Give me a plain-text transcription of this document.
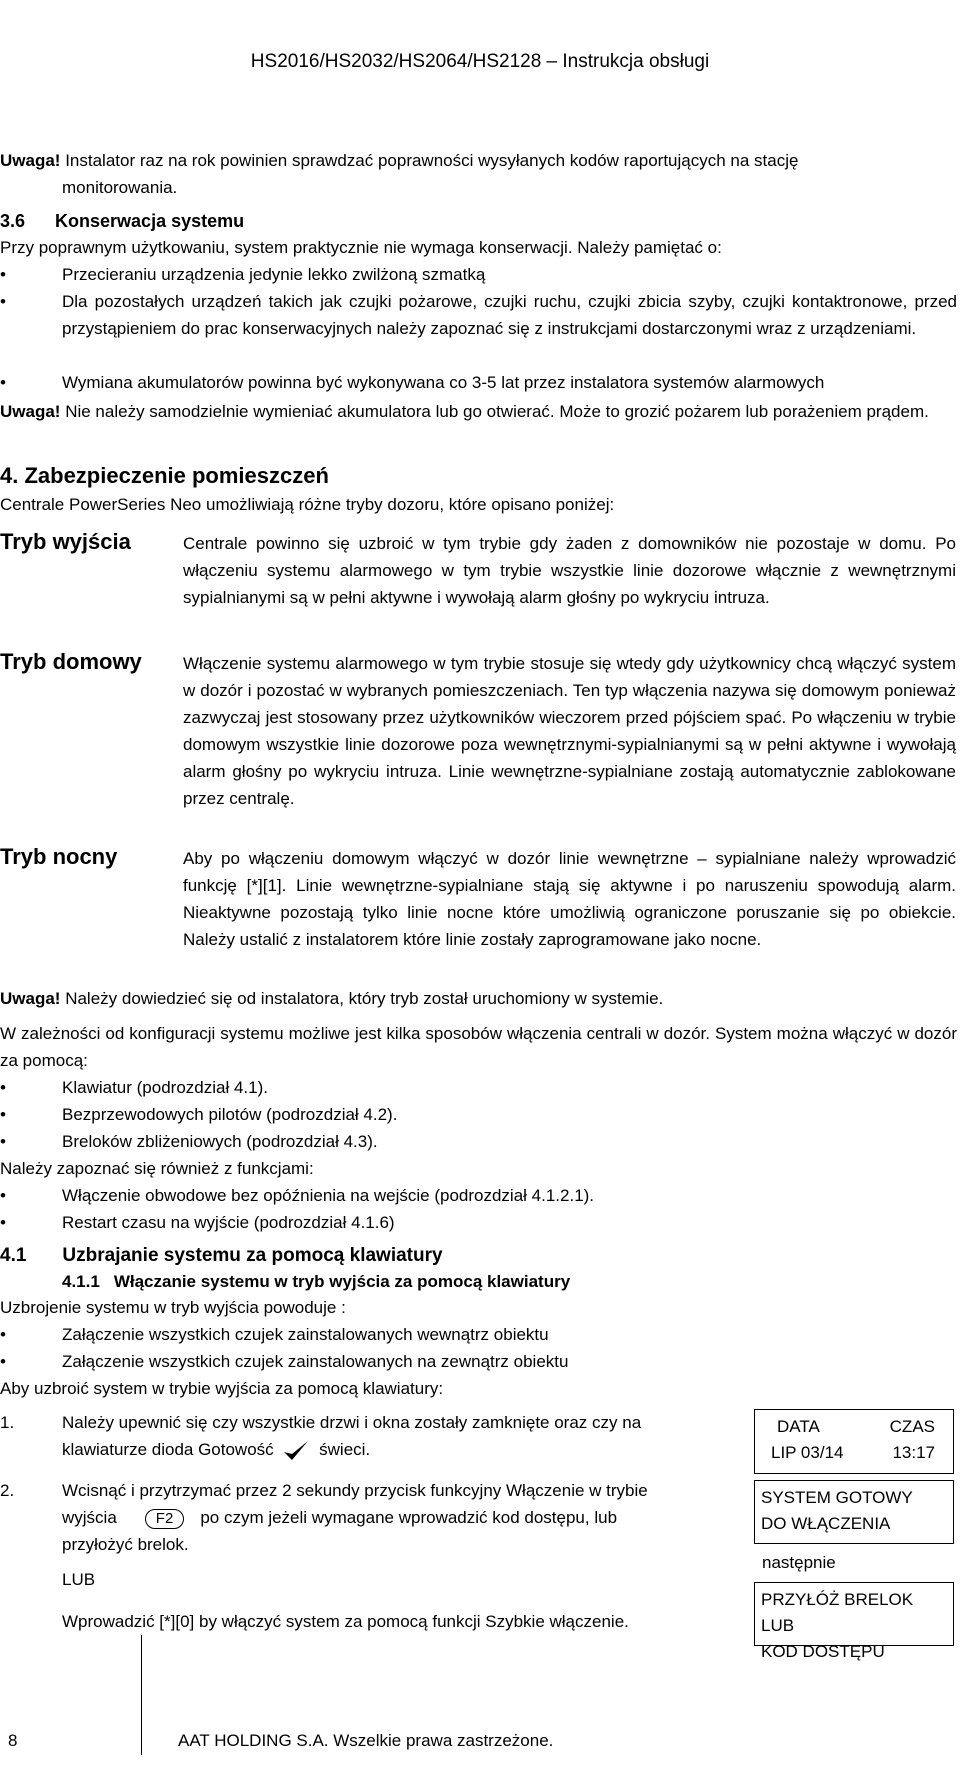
HS2016/HS2032/HS2064/HS2128 – Instrukcja obsługi
Uwaga! Instalator raz na rok powinien sprawdzać poprawności wysyłanych kodów raportujących na stację
monitorowania.
3.6 Konserwacja systemu
Przy poprawnym użytkowaniu, system praktycznie nie wymaga konserwacji. Należy pamiętać o:
•	Przecieraniu urządzenia jedynie lekko zwilżoną szmatką
•	Dla pozostałych urządzeń takich jak czujki pożarowe, czujki ruchu, czujki zbicia szyby, czujki kontaktronowe, przed przystąpieniem do prac konserwacyjnych należy zapoznać się z instrukcjami dostarczonymi wraz z urządzeniami.
•	Wymiana akumulatorów powinna być wykonywana co 3-5 lat przez instalatora systemów alarmowych
Uwaga! Nie należy samodzielnie wymieniać akumulatora lub go otwierać. Może to grozić pożarem lub porażeniem prądem.
4. Zabezpieczenie pomieszczeń
Centrale PowerSeries Neo umożliwiają różne tryby dozoru, które opisano poniżej:
Tryb wyjścia	Centrale powinno się uzbroić w tym trybie gdy żaden z domowników nie pozostaje w domu. Po włączeniu systemu alarmowego w tym trybie wszystkie linie dozorowe włącznie z wewnętrznymi sypialnianymi są w pełni aktywne i wywołają alarm głośny po wykryciu intruza.
Tryb domowy Włączenie systemu alarmowego w tym trybie stosuje się wtedy gdy użytkownicy chcą włączyć system w dozór i pozostać w wybranych pomieszczeniach. Ten typ włączenia nazywa się domowym ponieważ zazwyczaj jest stosowany przez użytkowników wieczorem przed pójściem spać. Po włączeniu w trybie domowym wszystkie linie dozorowe poza wewnętrznymi-sypialnianymi są w pełni aktywne i wywołają alarm głośny po wykryciu intruza. Linie wewnętrzne-sypialniane zostają automatycznie zablokowane przez centralę.
Tryb nocny	Aby po włączeniu domowym włączyć w dozór linie wewnętrzne – sypialniane należy wprowadzić funkcję [*][1]. Linie wewnętrzne-sypialniane stają się aktywne i po naruszeniu spowodują alarm. Nieaktywne pozostają tylko linie nocne które umożliwią ograniczone poruszanie się po obiekcie. Należy ustalić z instalatorem które linie zostały zaprogramowane jako nocne.
Uwaga! Należy dowiedzieć się od instalatora, który tryb został uruchomiony w systemie.
W zależności od konfiguracji systemu możliwe jest kilka sposobów włączenia centrali w dozór. System można włączyć w dozór za pomocą:
•	Klawiatur (podrozdział 4.1).
•	Bezprzewodowych pilotów (podrozdział 4.2).
•	Breloków zbliżeniowych (podrozdział 4.3).
Należy zapoznać się również z funkcjami:
•	Włączenie obwodowe bez opóźnienia na wejście (podrozdział 4.1.2.1).
•	Restart czasu na wyjście (podrozdział 4.1.6)
4.1 Uzbrajanie systemu za pomocą klawiatury
4.1.1 Włączanie systemu w tryb wyjścia za pomocą klawiatury
Uzbrojenie systemu w tryb wyjścia powoduje :
•	Załączenie wszystkich czujek zainstalowanych wewnątrz obiektu
•	Załączenie wszystkich czujek zainstalowanych na zewnątrz obiektu
Aby uzbroić system w trybie wyjścia za pomocą klawiatury:
1.	Należy upewnić się czy wszystkie drzwi i okna zostały zamknięte oraz czy na
klawiaturze dioda Gotowość	świeci.
2.	Wcisnąć i przytrzymać przez 2 sekundy przycisk funkcyjny Włączenie w trybie
wyjścia	F2 po czym jeżeli wymagane wprowadzić kod dostępu, lub
przyłożyć brelok.
LUB
Wprowadzić [*][0] by włączyć system za pomocą funkcji Szybkie włączenie.
DATA	CZAS
LIP 03/14	13:17
SYSTEM GOTOWY
DO WŁĄCZENIA
następnie
PRZYŁÓŻ BRELOK LUB
KOD DOSTĘPU
8	AAT HOLDING S.A. Wszelkie prawa zastrzeżone.
